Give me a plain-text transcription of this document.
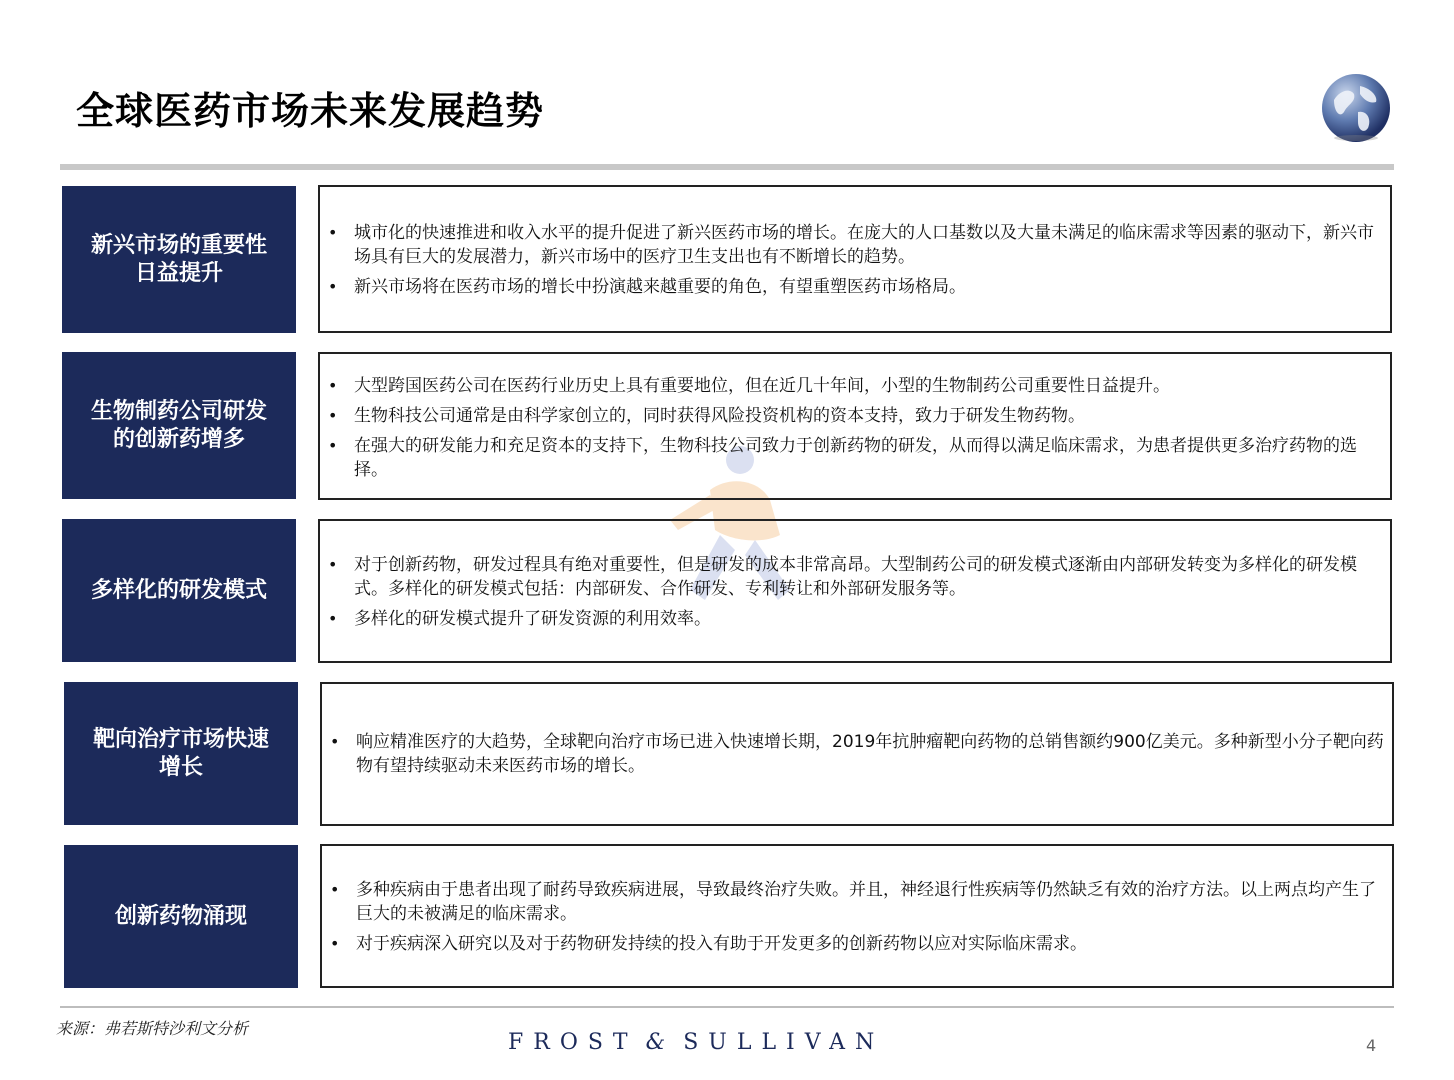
全球医药市场未来发展趋势
新兴市场的重要性
日益提升
• 城市化的快速推进和收入水平的提升促进了新兴医药市场的增长。在庞大的人口基数以及大量未满足的临床需求等因素的驱动下，新兴市场具有巨大的发展潜力，新兴市场中的医疗卫生支出也有不断增长的趋势。
• 新兴市场将在医药市场的增长中扮演越来越重要的角色，有望重塑医药市场格局。
生物制药公司研发
的创新药增多
• 大型跨国医药公司在医药行业历史上具有重要地位，但在近几十年间，小型的生物制药公司重要性日益提升。
• 生物科技公司通常是由科学家创立的，同时获得风险投资机构的资本支持，致力于研发生物药物。
• 在强大的研发能力和充足资本的支持下，生物科技公司致力于创新药物的研发，从而得以满足临床需求，为患者提供更多治疗药物的选择。
多样化的研发模式
• 对于创新药物，研发过程具有绝对重要性，但是研发的成本非常高昂。大型制药公司的研发模式逐渐由内部研发转变为多样化的研发模式。多样化的研发模式包括：内部研发、合作研发、专利转让和外部研发服务等。
• 多样化的研发模式提升了研发资源的利用效率。
靶向治疗市场快速
增长
• 响应精准医疗的大趋势，全球靶向治疗市场已进入快速增长期，2019年抗肿瘤靶向药物的总销售额约900亿美元。多种新型小分子靶向药物有望持续驱动未来医药市场的增长。
创新药物涌现
• 多种疾病由于患者出现了耐药导致疾病进展，导致最终治疗失败。并且，神经退行性疾病等仍然缺乏有效的治疗方法。以上两点均产生了巨大的未被满足的临床需求。
• 对于疾病深入研究以及对于药物研发持续的投入有助于开发更多的创新药物以应对实际临床需求。
来源：弗若斯特沙利文分析
FROST & SULLIVAN	4
